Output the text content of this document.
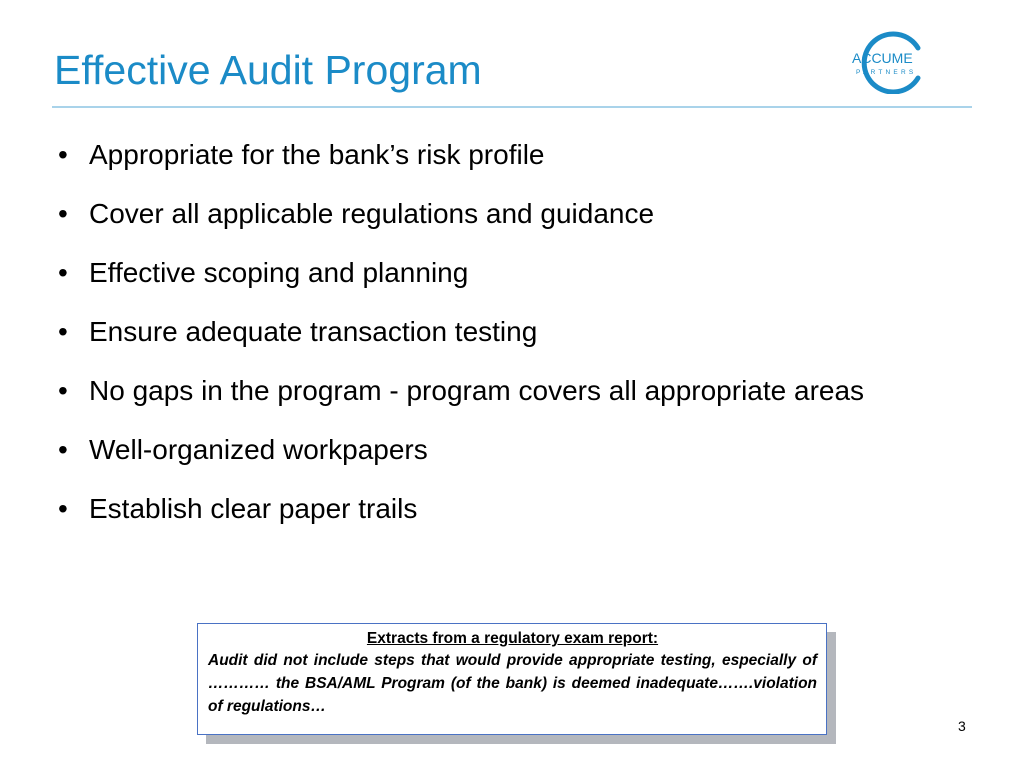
Effective Audit Program	ACCUME
PARTNERS
• Appropriate for the bank’s risk profile
• Cover all applicable regulations and guidance
• Effective scoping and planning
• Ensure adequate transaction testing
• No gaps in the program - program covers all appropriate areas
• Well-organized workpapers
• Establish clear paper trails
Extracts from a regulatory exam report:
Audit did not include steps that would provide appropriate testing, especially of ………… the BSA/AML Program (of the bank) is deemed inadequate…….violation of regulations…
3
